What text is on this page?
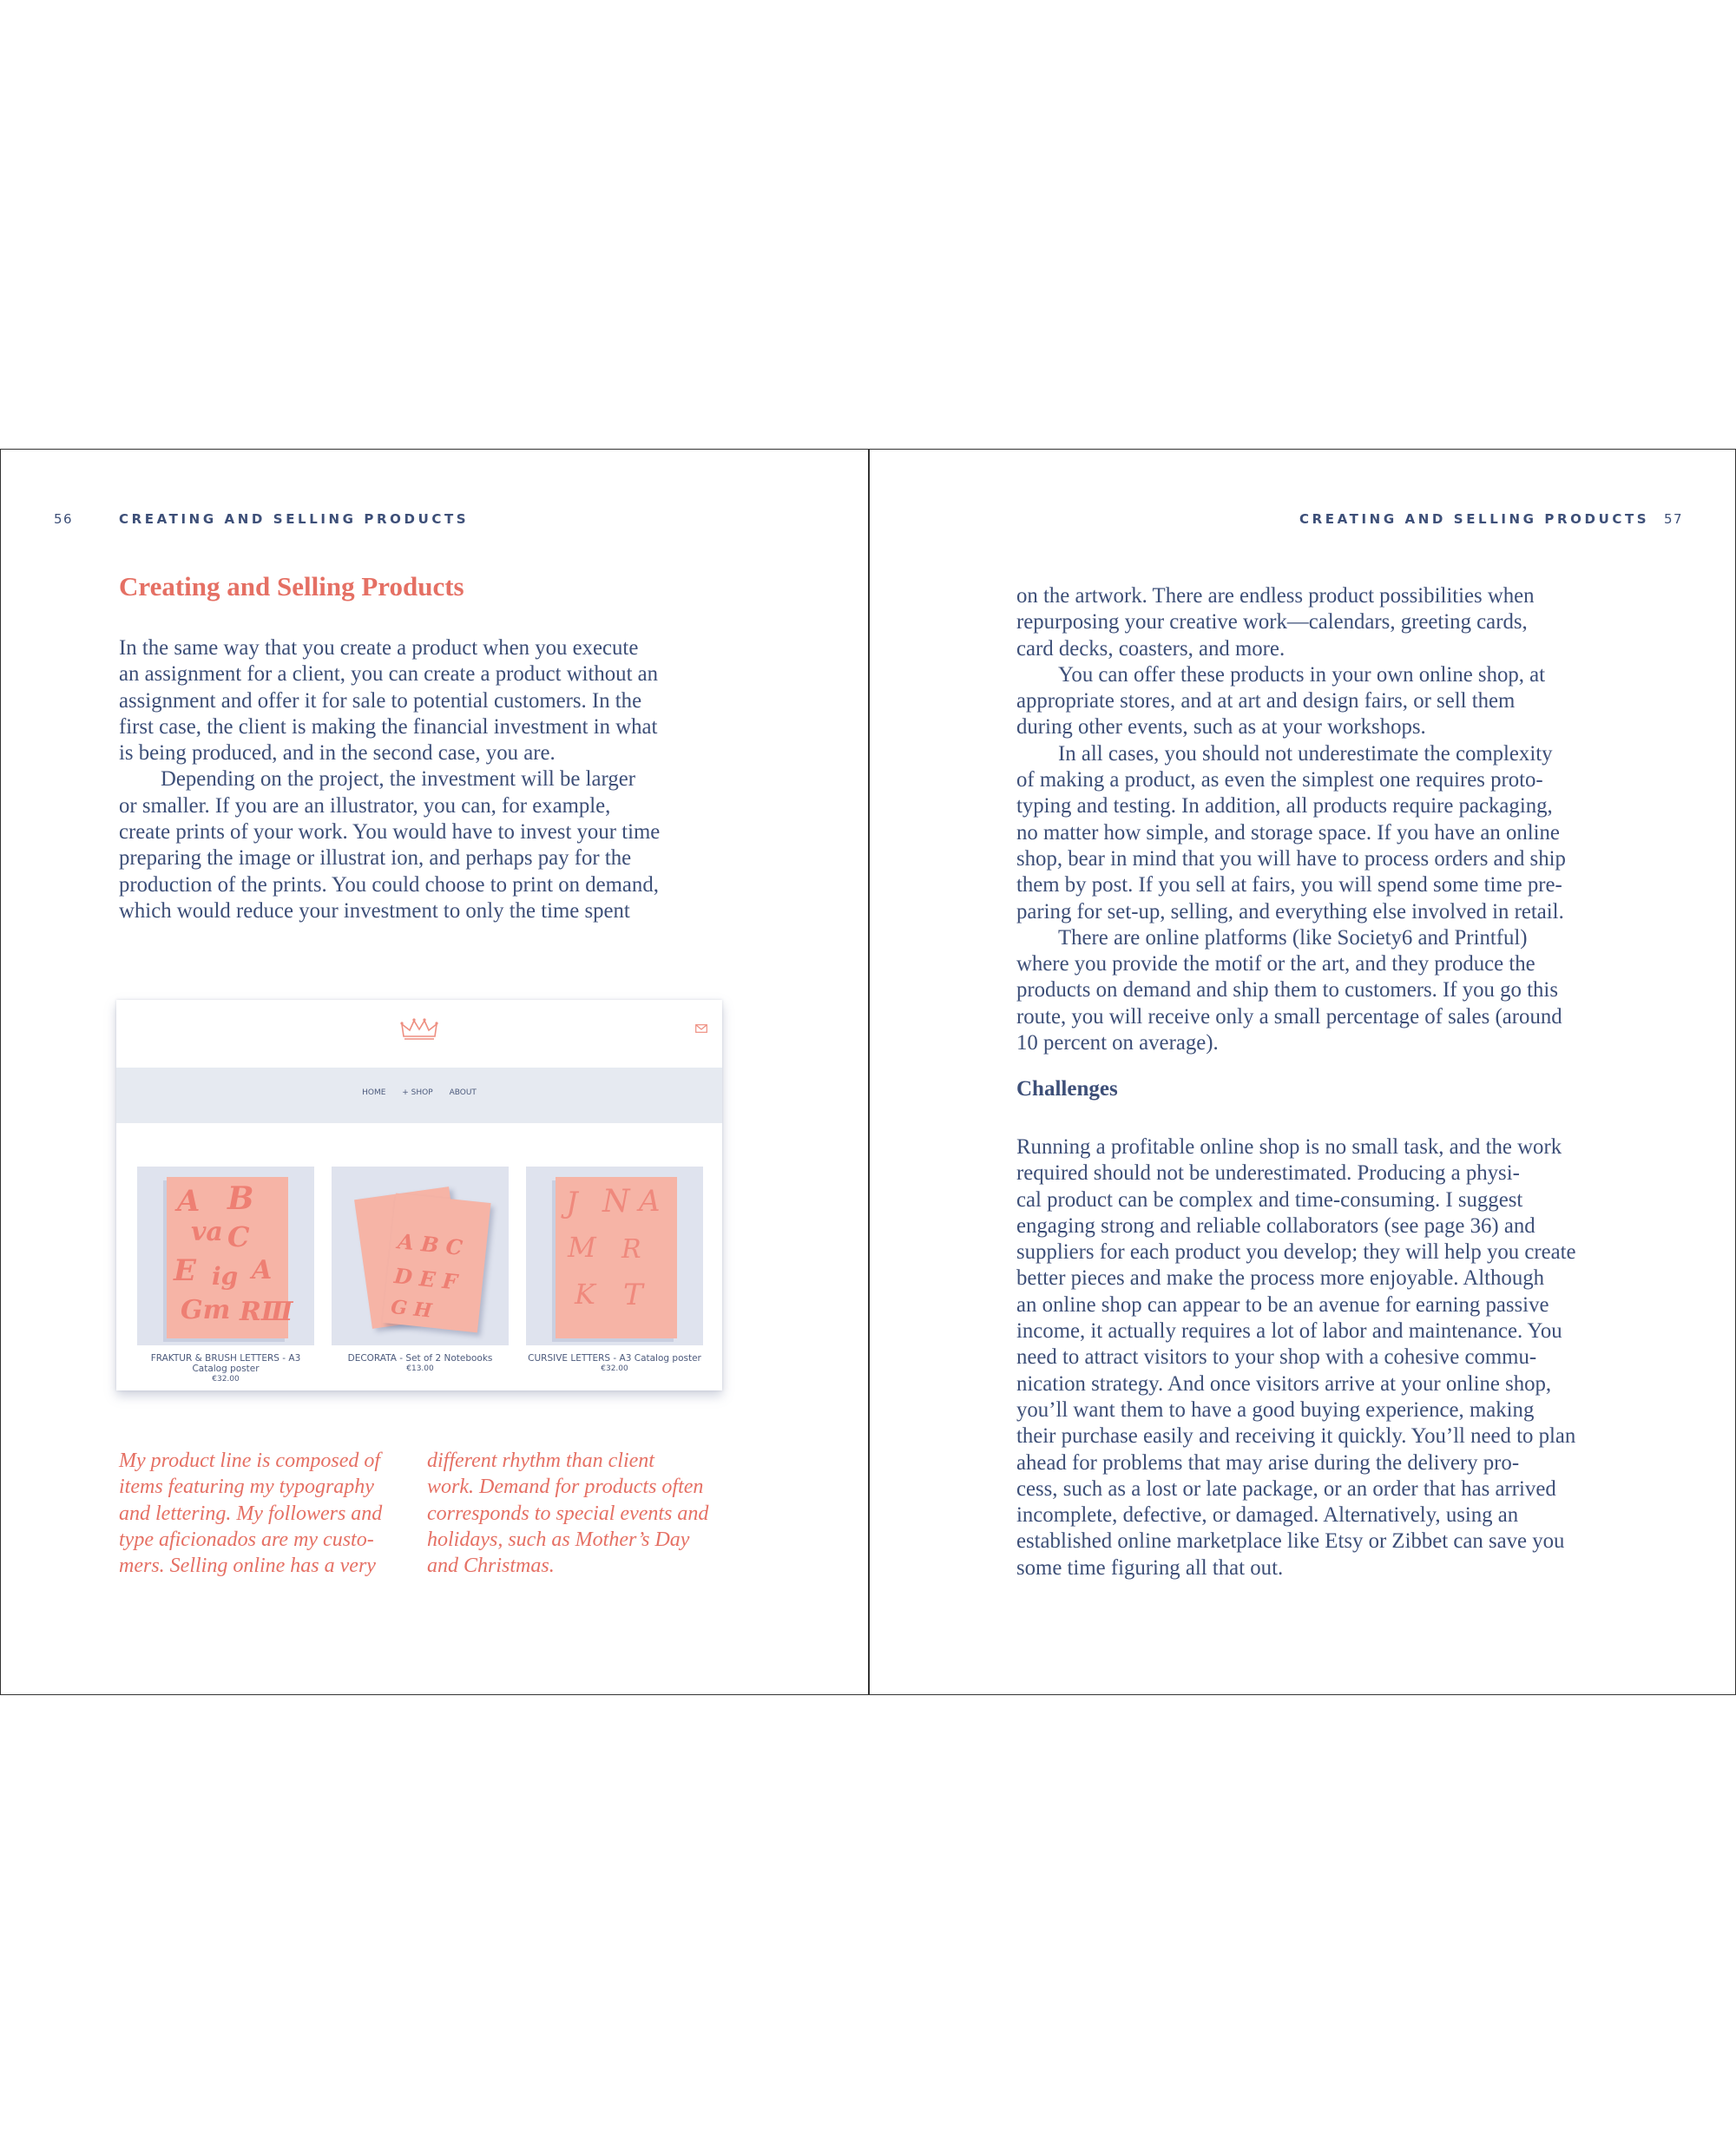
56	CREATING AND SELLING PRODUCTS
Creating and Selling Products

In the same way that you create a product when you execute
an assignment for a client, you can create a product without an
assignment and offer it for sale to potential customers. In the
first case, the client is making the financial investment in what
is being produced, and in the second case, you are.

Depending on the project, the investment will be larger
or smaller. If you are an illustrator, you can, for example,
create prints of your work. You would have to invest your time
preparing the image or illustrat ion, and perhaps pay for the
production of the prints. You could choose to print on demand,
which would reduce your investment to only the time spent

HOME + SHOP ABOUT
A B
va C
E ig A
Gm RⅢ
FRAKTUR & BRUSH LETTERS - A3 Catalog poster
€32.00
A B C
D E F
G H
DECORATA - Set of 2 Notebooks
€13.00
J N A
M R
K T
CURSIVE LETTERS - A3 Catalog poster
€32.00
My product line is composed of
items featuring my typography
and lettering. My followers and
type aficionados are my custo-
mers. Selling online has a very
different rhythm than client
work. Demand for products often
corresponds to special events and
holidays, such as Mother’s Day
and Christmas.
CREATING AND SELLING PRODUCTS 57

on the artwork. There are endless product possibilities when
repurposing your creative work—calendars, greeting cards,
card decks, coasters, and more.

You can offer these products in your own online shop, at
appropriate stores, and at art and design fairs, or sell them
during other events, such as at your workshops.

In all cases, you should not underestimate the complexity
of making a product, as even the simplest one requires proto-
typing and testing. In addition, all products require packaging,
no matter how simple, and storage space. If you have an online
shop, bear in mind that you will have to process orders and ship
them by post. If you sell at fairs, you will spend some time pre-
paring for set-up, selling, and everything else involved in retail.

There are online platforms (like Society6 and Printful)
where you provide the motif or the art, and they produce the
products on demand and ship them to customers. If you go this
route, you will receive only a small percentage of sales (around
10 percent on average).

Challenges

Running a profitable online shop is no small task, and the work
required should not be underestimated. Producing a physi-
cal product can be complex and time-consuming. I suggest
engaging strong and reliable collaborators (see page 36) and
suppliers for each product you develop; they will help you create
better pieces and make the process more enjoyable. Although
an online shop can appear to be an avenue for earning passive
income, it actually requires a lot of labor and maintenance. You
need to attract visitors to your shop with a cohesive commu-
nication strategy. And once visitors arrive at your online shop,
you’ll want them to have a good buying experience, making
their purchase easily and receiving it quickly. You’ll need to plan
ahead for problems that may arise during the delivery pro-
cess, such as a lost or late package, or an order that has arrived
incomplete, defective, or damaged. Alternatively, using an
established online marketplace like Etsy or Zibbet can save you
some time figuring all that out.
